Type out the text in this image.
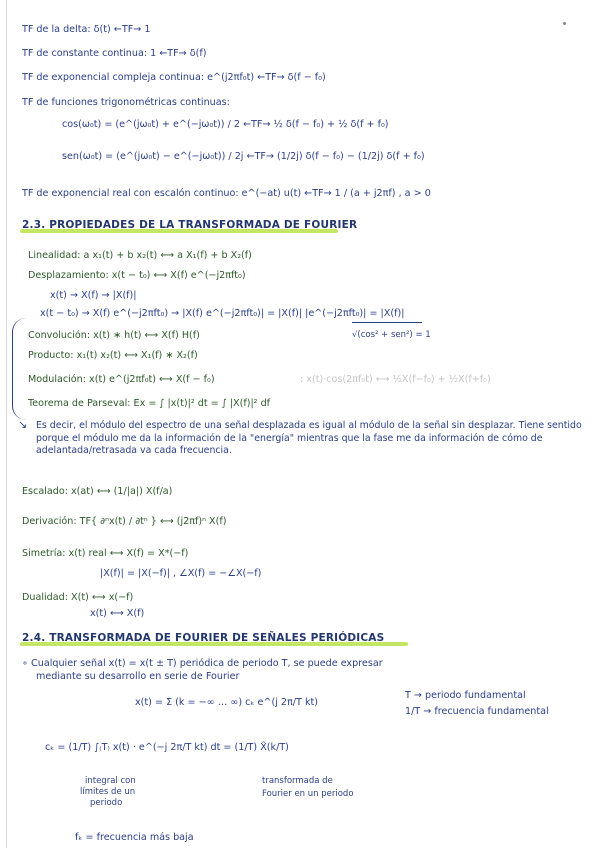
TF de la delta: δ(t) ←TF→ 1
TF de constante continua: 1 ←TF→ δ(f)
TF de exponencial compleja continua: e^(j2πf₀t) ←TF→ δ(f − f₀)
TF de funciones trigonométricas continuas:
cos(ω₀t) = (e^(jω₀t) + e^(−jω₀t)) / 2 ←TF→ ½ δ(f − f₀) + ½ δ(f + f₀)
sen(ω₀t) = (e^(jω₀t) − e^(−jω₀t)) / 2j ←TF→ (1/2j) δ(f − f₀) − (1/2j) δ(f + f₀)
TF de exponencial real con escalón continuo: e^(−at) u(t) ←TF→ 1 / (a + j2πf) , a > 0
2.3. PROPIEDADES DE LA TRANSFORMADA DE FOURIER
Linealidad: a x₁(t) + b x₂(t) ⟷ a X₁(f) + b X₂(f)
Desplazamiento: x(t − t₀) ⟷ X(f) e^(−j2πft₀)
x(t) → X(f) → |X(f)|
x(t − t₀) → X(f) e^(−j2πft₀) → |X(f) e^(−j2πft₀)| = |X(f)| |e^(−j2πft₀)| = |X(f)|
√(cos² + sen²) = 1
Convolución: x(t) ∗ h(t) ⟷ X(f) H(f)
Producto: x₁(t) x₂(t) ⟷ X₁(f) ∗ X₂(f)
Modulación: x(t) e^(j2πf₀t) ⟷ X(f − f₀)	: x(t)·cos(2πf₀t) ⟷ ½X(f−f₀) + ½X(f+f₀)
Teorema de Parseval: Ex = ∫ |x(t)|² dt = ∫ |X(f)|² df
↘ Es decir, el módulo del espectro de una señal desplazada es igual al módulo de la señal sin desplazar. Tiene sentido porque el módulo me da la información de la "energía" mientras que la fase me da información de cómo de adelantada/retrasada va cada frecuencia.
Escalado: x(at) ⟷ (1/|a|) X(f/a)
Derivación: TF{ ∂ⁿx(t) / ∂tⁿ } ⟷ (j2πf)ⁿ X(f)
Simetría: x(t) real ⟷ X(f) = X*(−f)
|X(f)| = |X(−f)| , ∠X(f) = −∠X(−f)
Dualidad: X(t) ⟷ x(−f)
x(t) ⟷ X(f)
2.4. TRANSFORMADA DE FOURIER DE SEÑALES PERIÓDICAS
∘ Cualquier señal x(t) = x(t ± T) periódica de periodo T, se puede expresar
mediante su desarrollo en serie de Fourier
x(t) = Σ (k = −∞ … ∞) cₖ e^(j 2π/T kt)
T → periodo fundamental
1/T → frecuencia fundamental
cₖ = (1/T) ∫₍T₎ x(t) · e^(−j 2π/T kt) dt = (1/T) X̂(k/T)
integral con
límites de un
periodo
transformada de
Fourier en un periodo
fₖ = frecuencia más baja
